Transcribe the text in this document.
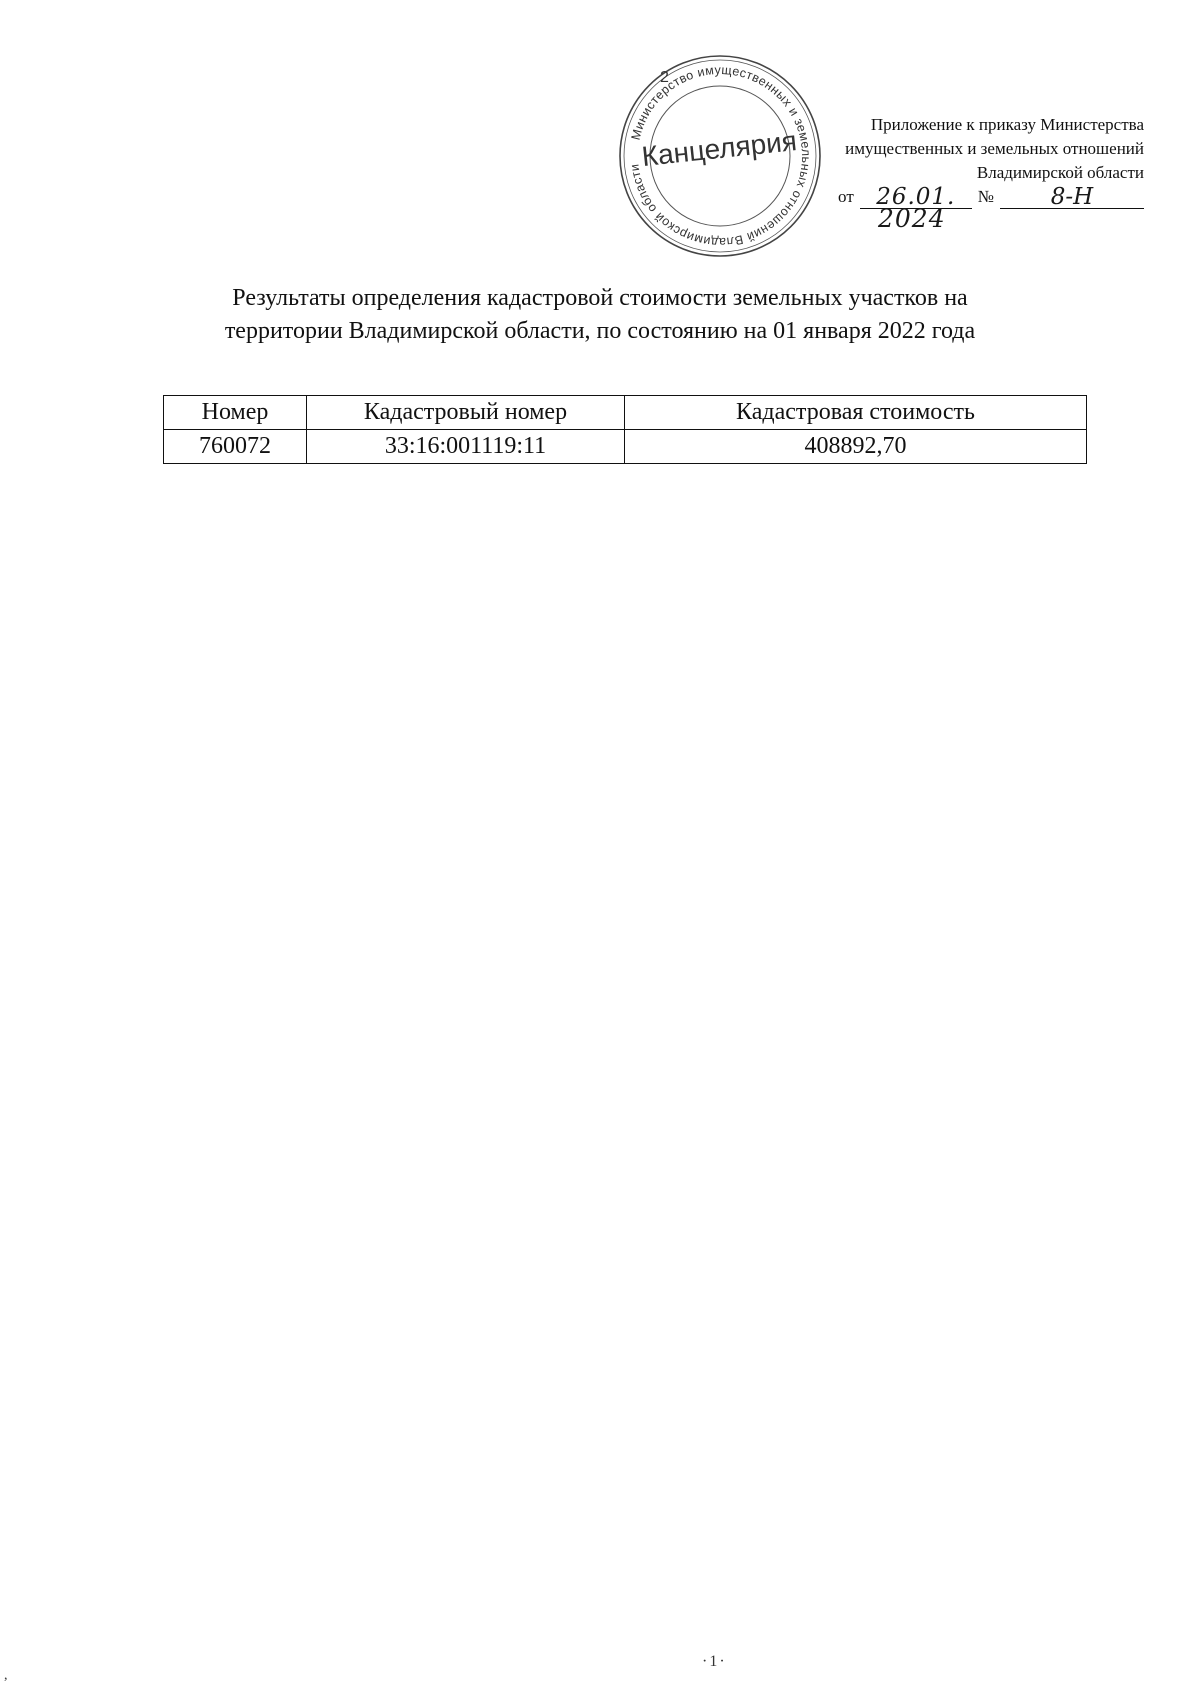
Министерство имущественных и земельных отношений Владимирской области
Канцелярия
2
Приложение к приказу Министерства
имущественных и земельных отношений
Владимирской области
от 26.01.	№	8-Н
2024
Результаты определения кадастровой стоимости земельных участков на
территории Владимирской области, по состоянию на 01 января 2022 года
Номер	Кадастровый номер	Кадастровая стоимость
760072	33:16:001119:11	408892,70
·1·
,
